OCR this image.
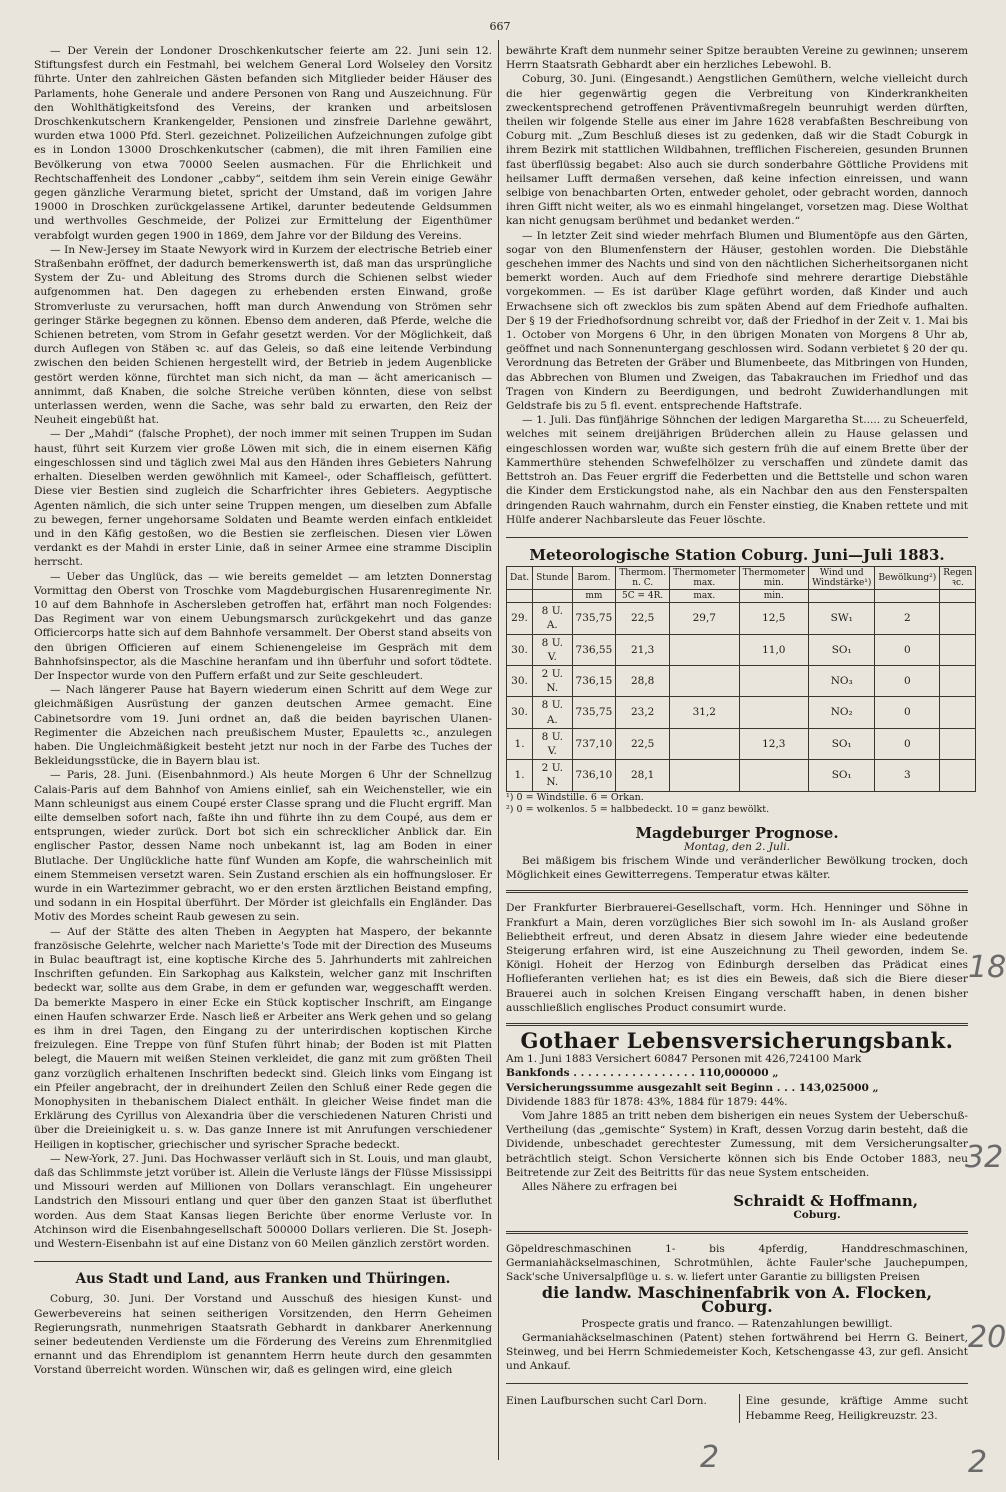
667

— Der Verein der Londoner Droschkenkutscher feierte am 22. Juni sein 12. Stiftungsfest durch ein Festmahl, bei welchem General Lord Wolseley den Vorsitz führte. Unter den zahlreichen Gästen befanden sich Mitglieder beider Häuser des Parlaments, hohe Generale und andere Personen von Rang und Auszeichnung. Für den Wohlthätigkeitsfond des Vereins, der kranken und arbeitslosen Droschkenkutschern Krankengelder, Pensionen und zinsfreie Darlehne gewährt, wurden etwa 1000 Pfd. Sterl. gezeichnet. Polizeilichen Aufzeichnungen zufolge gibt es in London 13000 Droschkenkutscher (cabmen), die mit ihren Familien eine Bevölkerung von etwa 70000 Seelen ausmachen. Für die Ehrlichkeit und Rechtschaffenheit des Londoner „cabby“, seitdem ihm sein Verein einige Gewähr gegen gänzliche Verarmung bietet, spricht der Umstand, daß im vorigen Jahre 19000 in Droschken zurückgelassene Artikel, darunter bedeutende Geldsummen und werthvolles Geschmeide, der Polizei zur Ermittelung der Eigenthümer verabfolgt wurden gegen 1900 in 1869, dem Jahre vor der Bildung des Vereins.

— In New-Jersey im Staate Newyork wird in Kurzem der electrische Betrieb einer Straßenbahn eröffnet, der dadurch bemerkenswerth ist, daß man das ursprüngliche System der Zu- und Ableitung des Stroms durch die Schienen selbst wieder aufgenommen hat. Den dagegen zu erhebenden ersten Einwand, große Stromverluste zu verursachen, hofft man durch Anwendung von Strömen sehr geringer Stärke begegnen zu können. Ebenso dem anderen, daß Pferde, welche die Schienen betreten, vom Strom in Gefahr gesetzt werden. Vor der Möglichkeit, daß durch Auflegen von Stäben ꝛc. auf das Geleis, so daß eine leitende Verbindung zwischen den beiden Schienen hergestellt wird, der Betrieb in jedem Augenblicke gestört werden könne, fürchtet man sich nicht, da man — ächt americanisch — annimmt, daß Knaben, die solche Streiche verüben könnten, diese von selbst unterlassen werden, wenn die Sache, was sehr bald zu erwarten, den Reiz der Neuheit eingebüßt hat.

— Der „Mahdi“ (falsche Prophet), der noch immer mit seinen Truppen im Sudan haust, führt seit Kurzem vier große Löwen mit sich, die in einem eisernen Käfig eingeschlossen sind und täglich zwei Mal aus den Händen ihres Gebieters Nahrung erhalten. Dieselben werden gewöhnlich mit Kameel-, oder Schaffleisch, gefüttert. Diese vier Bestien sind zugleich die Scharfrichter ihres Gebieters. Aegyptische Agenten nämlich, die sich unter seine Truppen mengen, um dieselben zum Abfalle zu bewegen, ferner ungehorsame Soldaten und Beamte werden einfach entkleidet und in den Käfig gestoßen, wo die Bestien sie zerfleischen. Diesen vier Löwen verdankt es der Mahdi in erster Linie, daß in seiner Armee eine stramme Disciplin herrscht.

— Ueber das Unglück, das — wie bereits gemeldet — am letzten Donnerstag Vormittag den Oberst von Troschke vom Magdeburgischen Husarenregimente Nr. 10 auf dem Bahnhofe in Aschersleben getroffen hat, erfährt man noch Folgendes: Das Regiment war von einem Uebungsmarsch zurückgekehrt und das ganze Officiercorps hatte sich auf dem Bahnhofe versammelt. Der Oberst stand abseits von den übrigen Officieren auf einem Schienengeleise im Gespräch mit dem Bahnhofsinspector, als die Maschine heranfam und ihn überfuhr und sofort tödtete. Der Inspector wurde von den Puffern erfaßt und zur Seite geschleudert.

— Nach längerer Pause hat Bayern wiederum einen Schritt auf dem Wege zur gleichmäßigen Ausrüstung der ganzen deutschen Armee gemacht. Eine Cabinetsordre vom 19. Juni ordnet an, daß die beiden bayrischen Ulanen-Regimenter die Abzeichen nach preußischem Muster, Epauletts ꝛc., anzulegen haben. Die Ungleichmäßigkeit besteht jetzt nur noch in der Farbe des Tuches der Bekleidungsstücke, die in Bayern blau ist.

— Paris, 28. Juni. (Eisenbahnmord.) Als heute Morgen 6 Uhr der Schnellzug Calais-Paris auf dem Bahnhof von Amiens einlief, sah ein Weichensteller, wie ein Mann schleunigst aus einem Coupé erster Classe sprang und die Flucht ergriff. Man eilte demselben sofort nach, faßte ihn und führte ihn zu dem Coupé, aus dem er entsprungen, wieder zurück. Dort bot sich ein schrecklicher Anblick dar. Ein englischer Pastor, dessen Name noch unbekannt ist, lag am Boden in einer Blutlache. Der Unglückliche hatte fünf Wunden am Kopfe, die wahrscheinlich mit einem Stemmeisen versetzt waren. Sein Zustand erschien als ein hoffnungsloser. Er wurde in ein Wartezimmer gebracht, wo er den ersten ärztlichen Beistand empfing, und sodann in ein Hospital überführt. Der Mörder ist gleichfalls ein Engländer. Das Motiv des Mordes scheint Raub gewesen zu sein.

— Auf der Stätte des alten Theben in Aegypten hat Maspero, der bekannte französische Gelehrte, welcher nach Mariette's Tode mit der Direction des Museums in Bulac beauftragt ist, eine koptische Kirche des 5. Jahrhunderts mit zahlreichen Inschriften gefunden. Ein Sarkophag aus Kalkstein, welcher ganz mit Inschriften bedeckt war, sollte aus dem Grabe, in dem er gefunden war, weggeschafft werden. Da bemerkte Maspero in einer Ecke ein Stück koptischer Inschrift, am Eingange einen Haufen schwarzer Erde. Nasch ließ er Arbeiter ans Werk gehen und so gelang es ihm in drei Tagen, den Eingang zu der unterirdischen koptischen Kirche freizulegen. Eine Treppe von fünf Stufen führt hinab; der Boden ist mit Platten belegt, die Mauern mit weißen Steinen verkleidet, die ganz mit zum größten Theil ganz vorzüglich erhaltenen Inschriften bedeckt sind. Gleich links vom Eingang ist ein Pfeiler angebracht, der in dreihundert Zeilen den Schluß einer Rede gegen die Monophysiten in thebanischem Dialect enthält. In gleicher Weise findet man die Erklärung des Cyrillus von Alexandria über die verschiedenen Naturen Christi und über die Dreieinigkeit u. s. w. Das ganze Innere ist mit Anrufungen verschiedener Heiligen in koptischer, griechischer und syrischer Sprache bedeckt.

— New-York, 27. Juni. Das Hochwasser verläuft sich in St. Louis, und man glaubt, daß das Schlimmste jetzt vorüber ist. Allein die Verluste längs der Flüsse Mississippi und Missouri werden auf Millionen von Dollars veranschlagt. Ein ungeheurer Landstrich den Missouri entlang und quer über den ganzen Staat ist überfluthet worden. Aus dem Staat Kansas liegen Berichte über enorme Verluste vor. In Atchinson wird die Eisenbahngesellschaft 500000 Dollars verlieren. Die St. Joseph- und Western-Eisenbahn ist auf eine Distanz von 60 Meilen gänzlich zerstört worden.

Aus Stadt und Land, aus Franken und Thüringen.

Coburg, 30. Juni. Der Vorstand und Ausschuß des hiesigen Kunst- und Gewerbevereins hat seinen seitherigen Vorsitzenden, den Herrn Geheimen Regierungsrath, nunmehrigen Staatsrath Gebhardt in dankbarer Anerkennung seiner bedeutenden Verdienste um die Förderung des Vereins zum Ehrenmitglied ernannt und das Ehrendiplom ist genanntem Herrn heute durch den gesammten Vorstand überreicht worden. Wünschen wir, daß es gelingen wird, eine gleich

bewährte Kraft dem nunmehr seiner Spitze beraubten Vereine zu gewinnen; unserem Herrn Staatsrath Gebhardt aber ein herzliches Lebewohl. B.

Coburg, 30. Juni. (Eingesandt.) Aengstlichen Gemüthern, welche vielleicht durch die hier gegenwärtig gegen die Verbreitung von Kinderkrankheiten zweckentsprechend getroffenen Präventivmaßregeln beunruhigt werden dürften, theilen wir folgende Stelle aus einer im Jahre 1628 verabfaßten Beschreibung von Coburg mit. „Zum Beschluß dieses ist zu gedenken, daß wir die Stadt Coburgk in ihrem Bezirk mit stattlichen Wildbahnen, trefflichen Fischereien, gesunden Brunnen fast überflüssig begabet: Also auch sie durch sonderbahre Göttliche Providens mit heilsamer Lufft dermaßen versehen, daß keine infection einreissen, und wann selbige von benachbarten Orten, entweder geholet, oder gebracht worden, dannoch ihren Gifft nicht weiter, als wo es einmahl hingelanget, vorsetzen mag. Diese Wolthat kan nicht genugsam berühmet und bedanket werden.“

— In letzter Zeit sind wieder mehrfach Blumen und Blumentöpfe aus den Gärten, sogar von den Blumenfenstern der Häuser, gestohlen worden. Die Diebstähle geschehen immer des Nachts und sind von den nächtlichen Sicherheitsorganen nicht bemerkt worden. Auch auf dem Friedhofe sind mehrere derartige Diebstähle vorgekommen. — Es ist darüber Klage geführt worden, daß Kinder und auch Erwachsene sich oft zwecklos bis zum späten Abend auf dem Friedhofe aufhalten. Der § 19 der Friedhofsordnung schreibt vor, daß der Friedhof in der Zeit v. 1. Mai bis 1. October von Morgens 6 Uhr, in den übrigen Monaten von Morgens 8 Uhr ab, geöffnet und nach Sonnenuntergang geschlossen wird. Sodann verbietet § 20 der qu. Verordnung das Betreten der Gräber und Blumenbeete, das Mitbringen von Hunden, das Abbrechen von Blumen und Zweigen, das Tabakrauchen im Friedhof und das Tragen von Kindern zu Beerdigungen, und bedroht Zuwiderhandlungen mit Geldstrafe bis zu 5 fl. event. entsprechende Haftstrafe.

— 1. Juli. Das fünfjährige Söhnchen der ledigen Margaretha St..... zu Scheuerfeld, welches mit seinem dreijährigen Brüderchen allein zu Hause gelassen und eingeschlossen worden war, wußte sich gestern früh die auf einem Brette über der Kammerthüre stehenden Schwefelhölzer zu verschaffen und zündete damit das Bettstroh an. Das Feuer ergriff die Federbetten und die Bettstelle und schon waren die Kinder dem Erstickungstod nahe, als ein Nachbar den aus den Fensterspalten dringenden Rauch wahrnahm, durch ein Fenster einstieg, die Knaben rettete und mit Hülfe anderer Nachbarsleute das Feuer löschte.

Meteorologische Station Coburg. Juni—Juli 1883.
Dat.	Stunde	Barom.	Thermom. n. C.	Thermometer max.	Thermometer min.	Wind und Windstärke¹)	Bewölkung²)	Regen ꝛc.
		mm	5C = 4R.	max.	min.			
29.	8 U. A.	735,75	22,5	29,7	12,5	SW₁	2	
30.	8 U. V.	736,55	21,3		11,0	SO₁	0	
30.	2 U. N.	736,15	28,8			NO₃	0	
30.	8 U. A.	735,75	23,2	31,2		NO₂	0	
1.	8 U. V.	737,10	22,5		12,3	SO₁	0	
1.	2 U. N.	736,10	28,1			SO₁	3	
¹) 0 = Windstille. 6 = Orkan.
²) 0 = wolkenlos. 5 = halbbedeckt. 10 = ganz bewölkt.
Magdeburger Prognose.
Montag, den 2. Juli.

Bei mäßigem bis frischem Winde und veränderlicher Bewölkung trocken, doch Möglichkeit eines Gewitterregens. Temperatur etwas kälter.

Der Frankfurter Bierbrauerei-Gesellschaft, vorm. Hch. Henninger und Söhne in Frankfurt a Main, deren vorzügliches Bier sich sowohl im In- als Ausland großer Beliebtheit erfreut, und deren Absatz in diesem Jahre wieder eine bedeutende Steigerung erfahren wird, ist eine Auszeichnung zu Theil geworden, indem Se. Königl. Hoheit der Herzog von Edinburgh derselben das Prädicat eines Hoflieferanten verliehen hat; es ist dies ein Beweis, daß sich die Biere dieser Brauerei auch in solchen Kreisen Eingang verschafft haben, in denen bisher ausschließlich englisches Product consumirt wurde.

Gothaer Lebensversicherungsbank.
Am 1. Juni 1883 Versichert 60847 Personen mit 426,724100 Mark
Bankfonds . . . . . . . . . . . . . . . . . 110,000000 „
Versicherungssumme ausgezahlt seit Beginn . . . 143,025000 „
Dividende 1883 für 1878: 43%, 1884 für 1879: 44%.

Vom Jahre 1885 an tritt neben dem bisherigen ein neues System der Ueberschuß-Vertheilung (das „gemischte“ System) in Kraft, dessen Vorzug darin besteht, daß die Dividende, unbeschadet gerechtester Zumessung, mit dem Versicherungsalter beträchtlich steigt. Schon Versicherte können sich bis Ende October 1883, neu Beitretende zur Zeit des Beitritts für das neue System entscheiden.

Alles Nähere zu erfragen bei

Schraidt & Hoffmann,
Coburg.

Göpeldreschmaschinen 1- bis 4pferdig, Handdreschmaschinen, Germaniahäckselmaschinen, Schrotmühlen, ächte Fauler'sche Jauchepumpen, Sack'sche Universalpflüge u. s. w. liefert unter Garantie zu billigsten Preisen

die landw. Maschinenfabrik von A. Flocken, Coburg.
Prospecte gratis und franco. — Ratenzahlungen bewilligt.

Germaniahäckselmaschinen (Patent) stehen fortwährend bei Herrn G. Beinert, Steinweg, und bei Herrn Schmiedemeister Koch, Ketschengasse 43, zur gefl. Ansicht und Ankauf.

Einen Laufburschen sucht Carl Dorn.	Eine gesunde, kräftige Amme sucht Hebamme Reeg, Heiligkreuzstr. 23.
18
32
20
2	2
